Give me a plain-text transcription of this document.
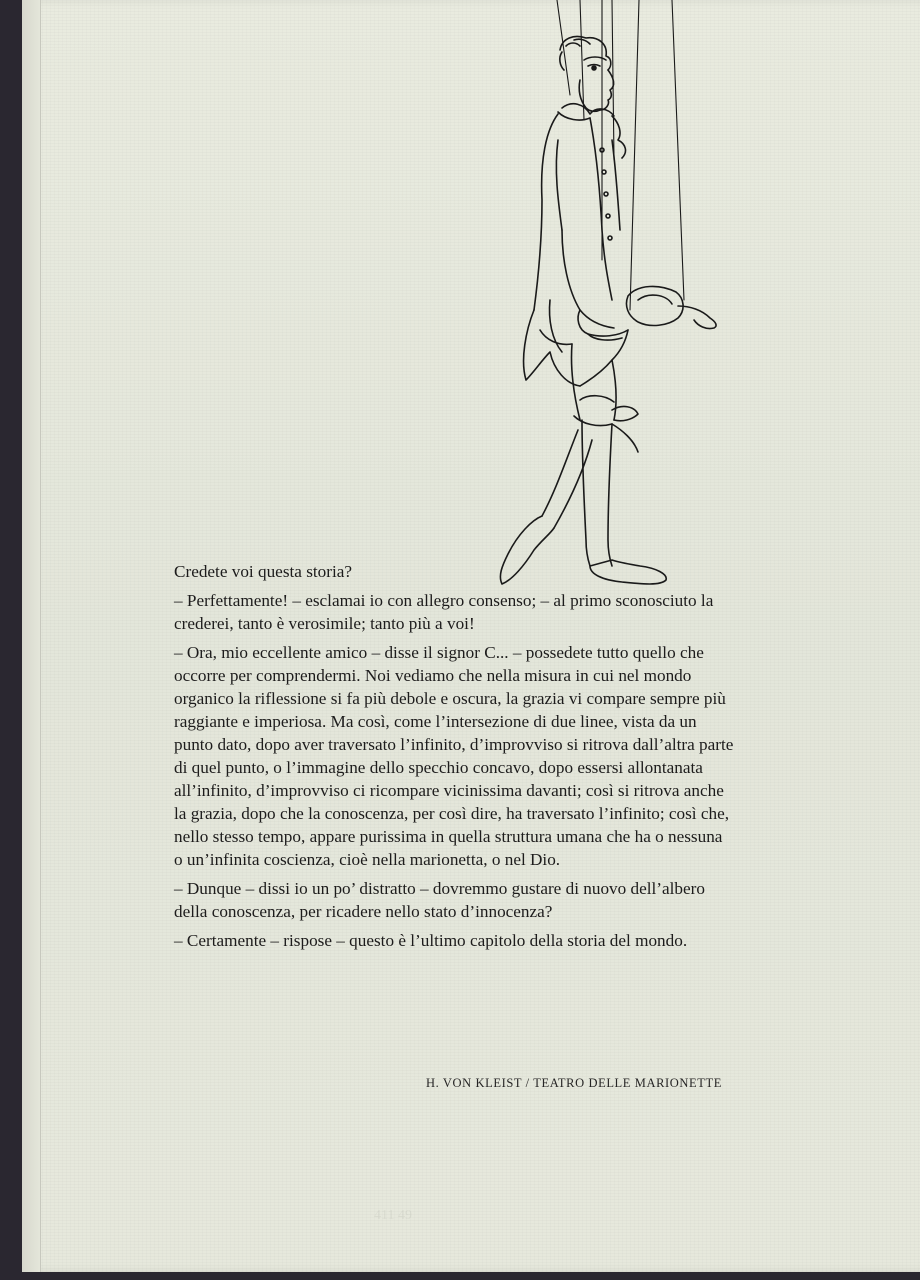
Credete voi questa storia?

– Perfettamente! – esclamai io con allegro consenso; – al primo sconosciuto la crederei, tanto è verosimile; tanto più a voi!

– Ora, mio eccellente amico – disse il signor C... – possedete tutto quello che occorre per comprendermi. Noi vediamo che nella misura in cui nel mondo organico la riflessione si fa più debole e oscura, la grazia vi compare sempre più raggiante e imperiosa. Ma così, come l’intersezione di due linee, vista da un punto dato, dopo aver traversato l’infinito, d’improvviso si ritrova dall’altra parte di quel punto, o l’immagine dello specchio concavo, dopo essersi allontanata all’infinito, d’improvviso ci ricompare vicinissima davanti; così si ritrova anche la grazia, dopo che la conoscenza, per così dire, ha traversato l’infinito; così che, nello stesso tempo, appare purissima in quella struttura umana che ha o nessuna o un’infinita coscienza, cioè nella marionetta, o nel Dio.

– Dunque – dissi io un po’ distratto – dovremmo gustare di nuovo dell’albero della conoscenza, per ricadere nello stato d’innocenza?

– Certamente – rispose – questo è l’ultimo capitolo della storia del mondo.

H. VON KLEIST / TEATRO DELLE MARIONETTE
411 49
